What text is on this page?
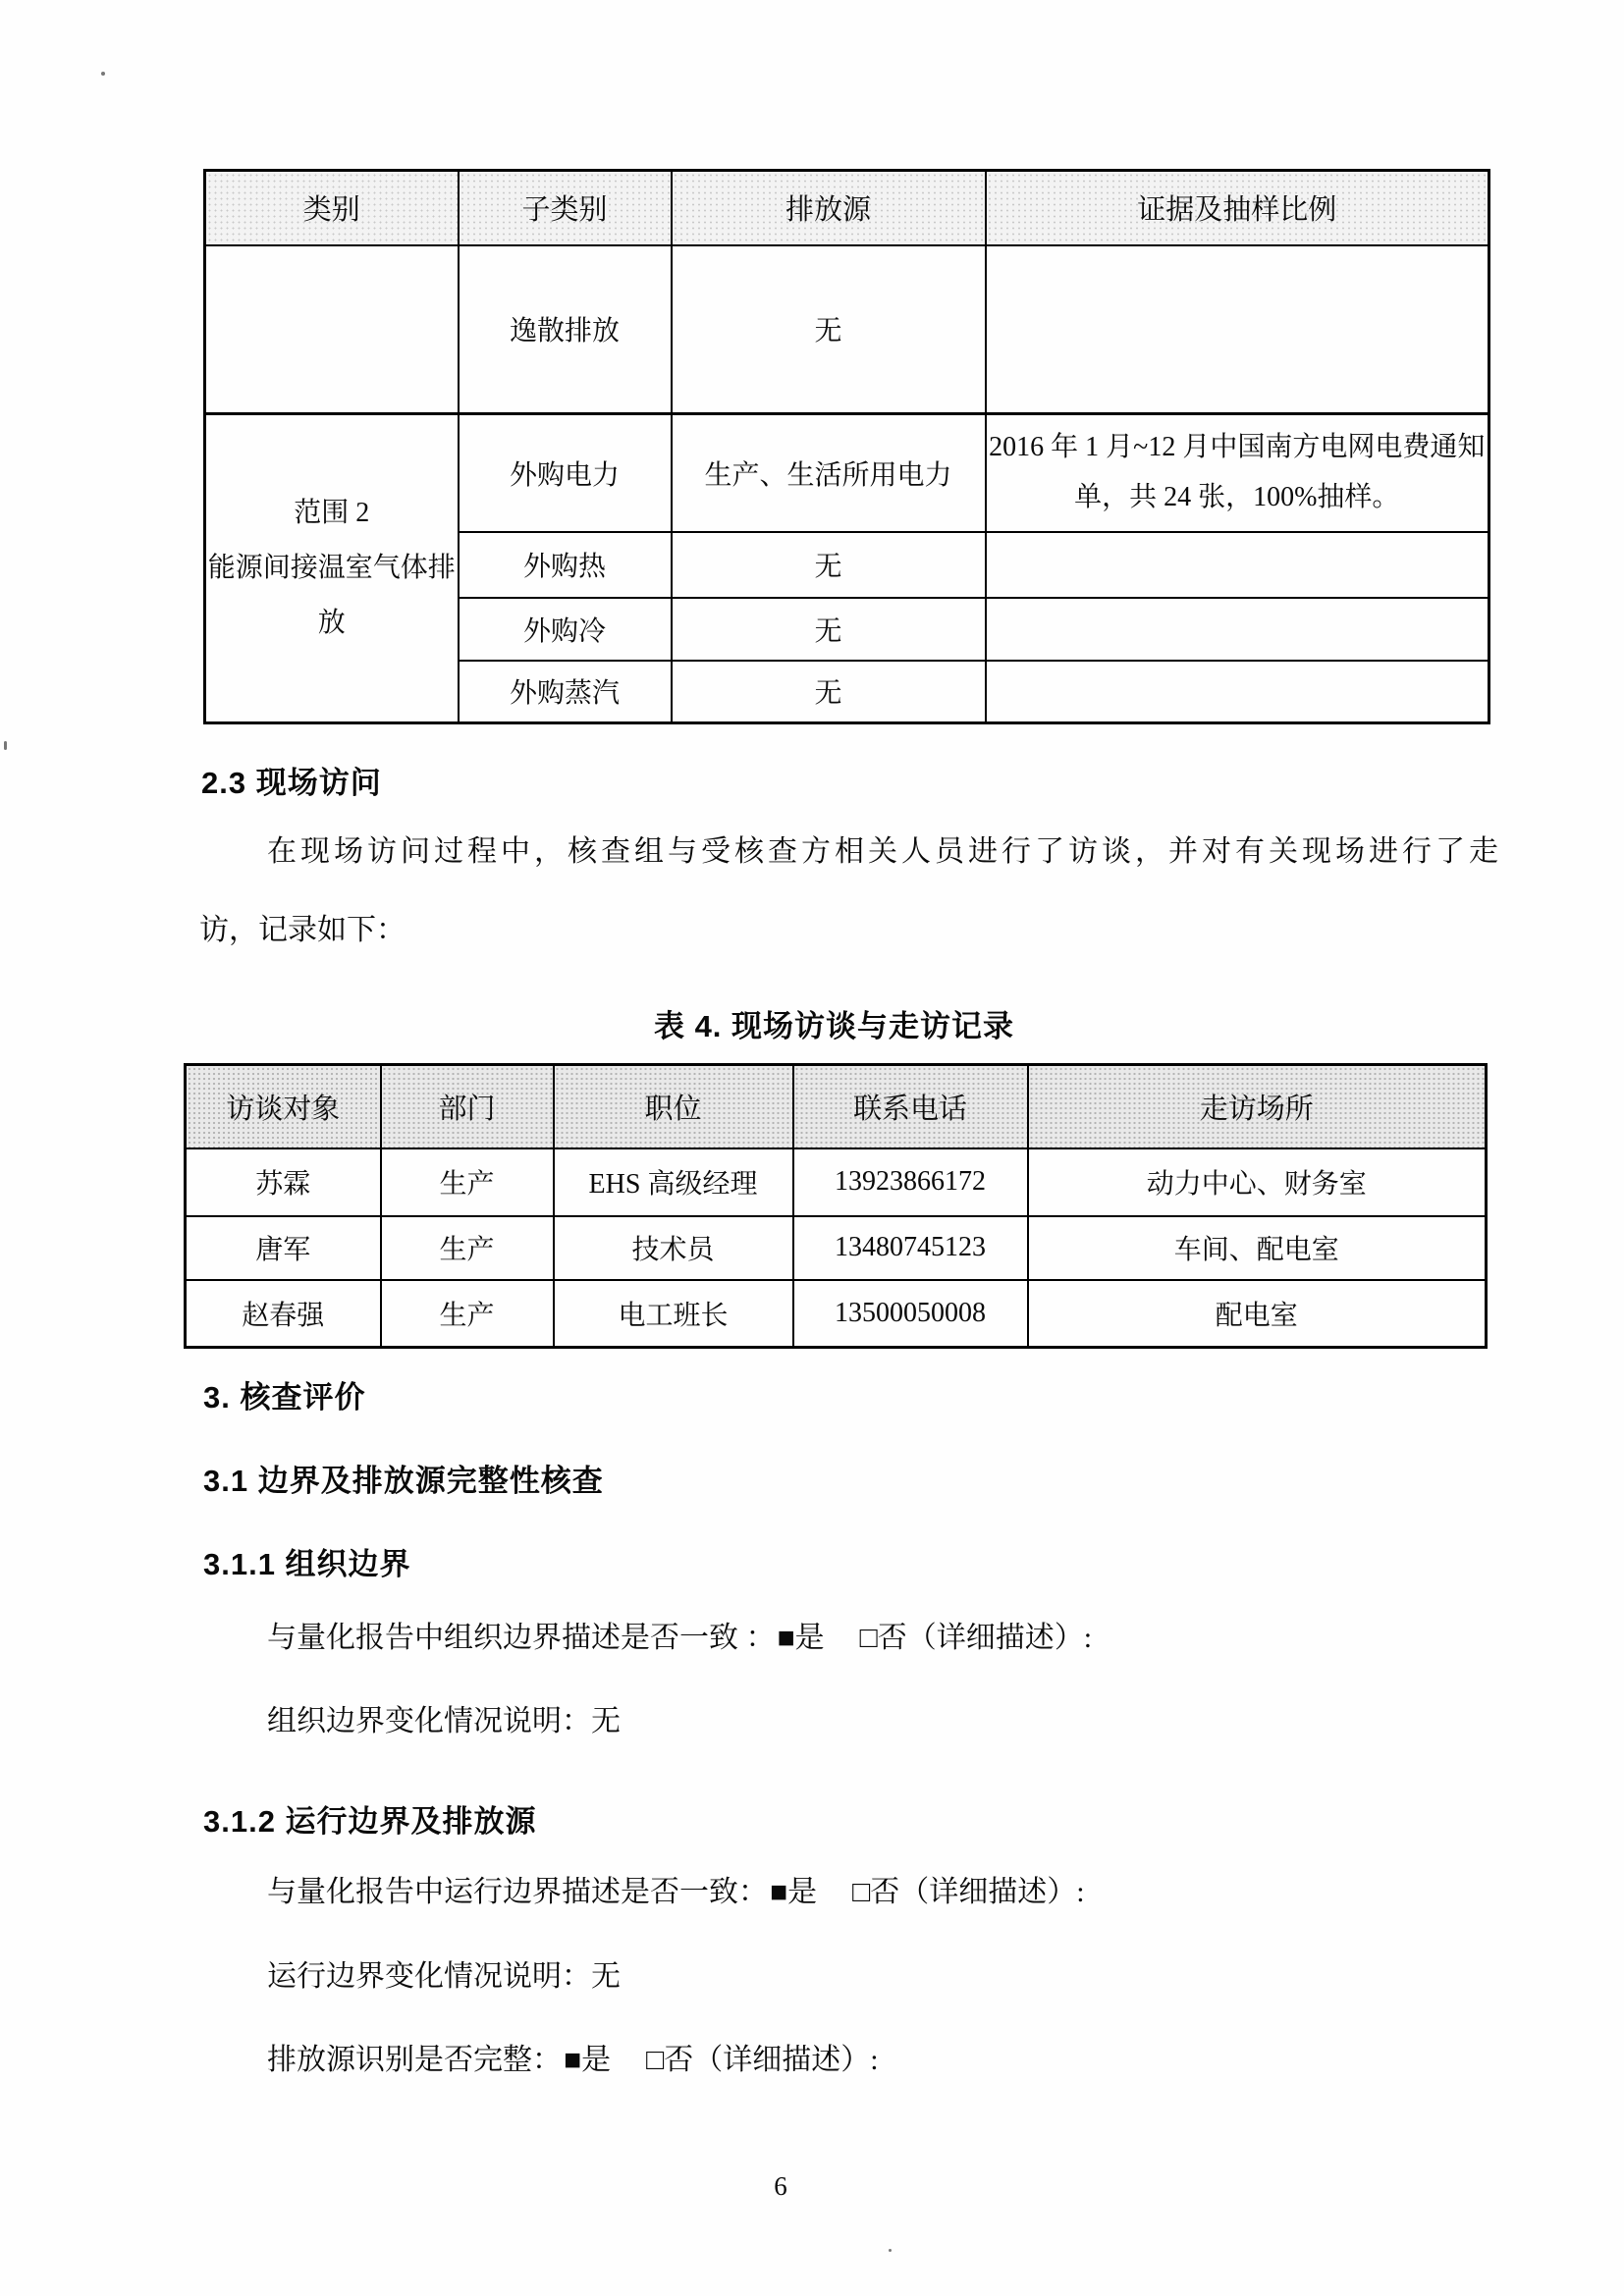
类别	子类别	排放源	证据及抽样比例
	逸散排放	无	
范围 2
能源间接温室气体排放	外购电力	生产、生活所用电力	2016 年 1 月~12 月中国南方电网电费通知单，共 24 张，100%抽样。
	外购热	无	
	外购冷	无	
	外购蒸汽	无	
2.3 现场访问
在现场访问过程中，核查组与受核查方相关人员进行了访谈，并对有关现场进行了走
访，记录如下：
表 4. 现场访谈与走访记录
访谈对象	部门	职位	联系电话	走访场所
苏霖	生产	EHS 高级经理	13923866172	动力中心、财务室
唐军	生产	技术员	13480745123	车间、配电室
赵春强	生产	电工班长	13500050008	配电室
3. 核查评价
3.1 边界及排放源完整性核查
3.1.1 组织边界
与量化报告中组织边界描述是否一致 ：■是 □否（详细描述）:
组织边界变化情况说明：无
3.1.2 运行边界及排放源
与量化报告中运行边界描述是否一致：■是 □否（详细描述）:
运行边界变化情况说明：无
排放源识别是否完整：■是 □否（详细描述）:
6
